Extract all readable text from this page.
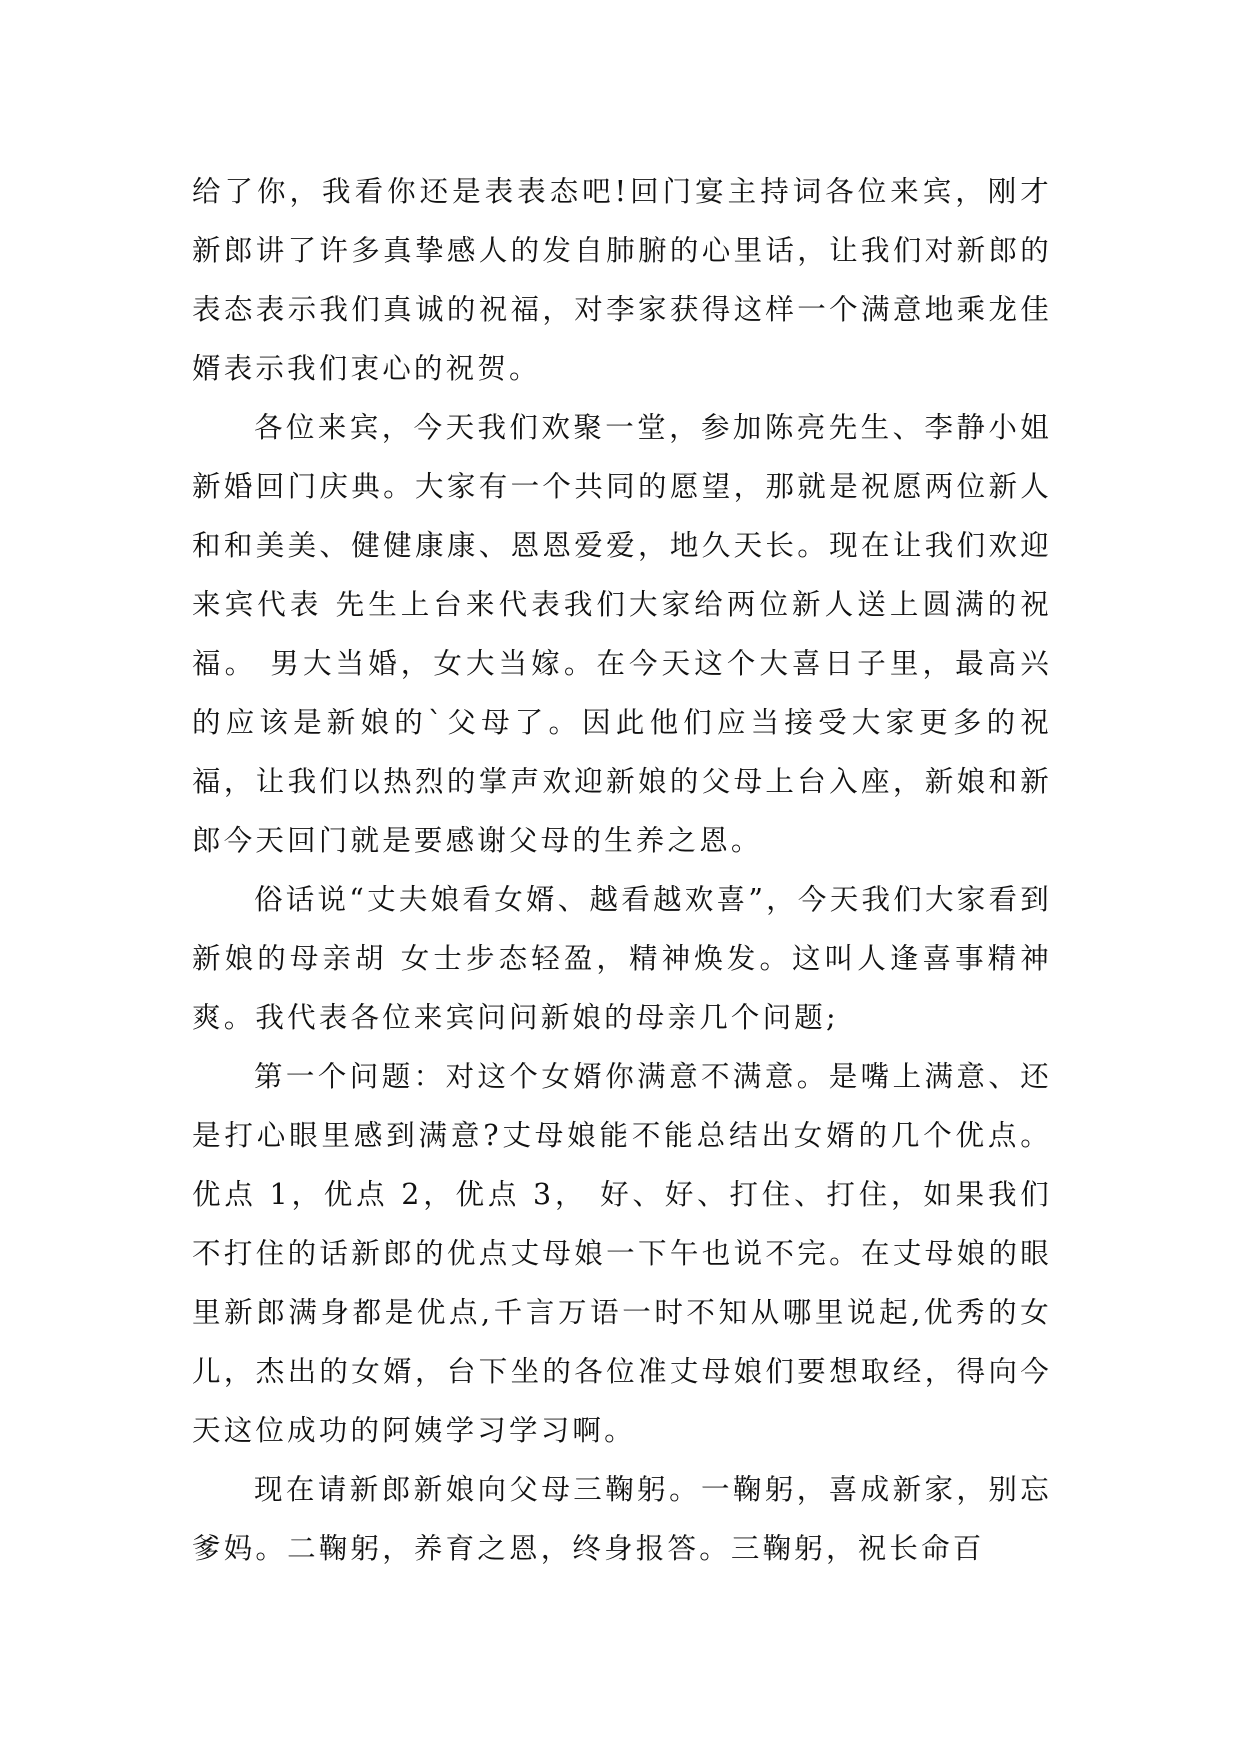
给了你，我看你还是表表态吧!回门宴主持词各位来宾，刚才新郎讲了许多真挚感人的发自肺腑的心里话，让我们对新郎的表态表示我们真诚的祝福，对李家获得这样一个满意地乘龙佳婿表示我们衷心的祝贺。

各位来宾，今天我们欢聚一堂，参加陈亮先生、李静小姐新婚回门庆典。大家有一个共同的愿望，那就是祝愿两位新人和和美美、健健康康、恩恩爱爱，地久天长。现在让我们欢迎来宾代表 先生上台来代表我们大家给两位新人送上圆满的祝福。 男大当婚，女大当嫁。在今天这个大喜日子里，最高兴的应该是新娘的`父母了。因此他们应当接受大家更多的祝福，让我们以热烈的掌声欢迎新娘的父母上台入座，新娘和新郎今天回门就是要感谢父母的生养之恩。

俗话说“丈夫娘看女婿、越看越欢喜”，今天我们大家看到新娘的母亲胡 女士步态轻盈，精神焕发。这叫人逢喜事精神爽。我代表各位来宾问问新娘的母亲几个问题;

第一个问题：对这个女婿你满意不满意。是嘴上满意、还是打心眼里感到满意?丈母娘能不能总结出女婿的几个优点。优点 1，优点 2，优点 3， 好、好、打住、打住，如果我们不打住的话新郎的优点丈母娘一下午也说不完。在丈母娘的眼里新郎满身都是优点,千言万语一时不知从哪里说起,优秀的女儿，杰出的女婿，台下坐的各位准丈母娘们要想取经，得向今天这位成功的阿姨学习学习啊。

现在请新郎新娘向父母三鞠躬。一鞠躬，喜成新家，别忘爹妈。二鞠躬，养育之恩，终身报答。三鞠躬，祝长命百
